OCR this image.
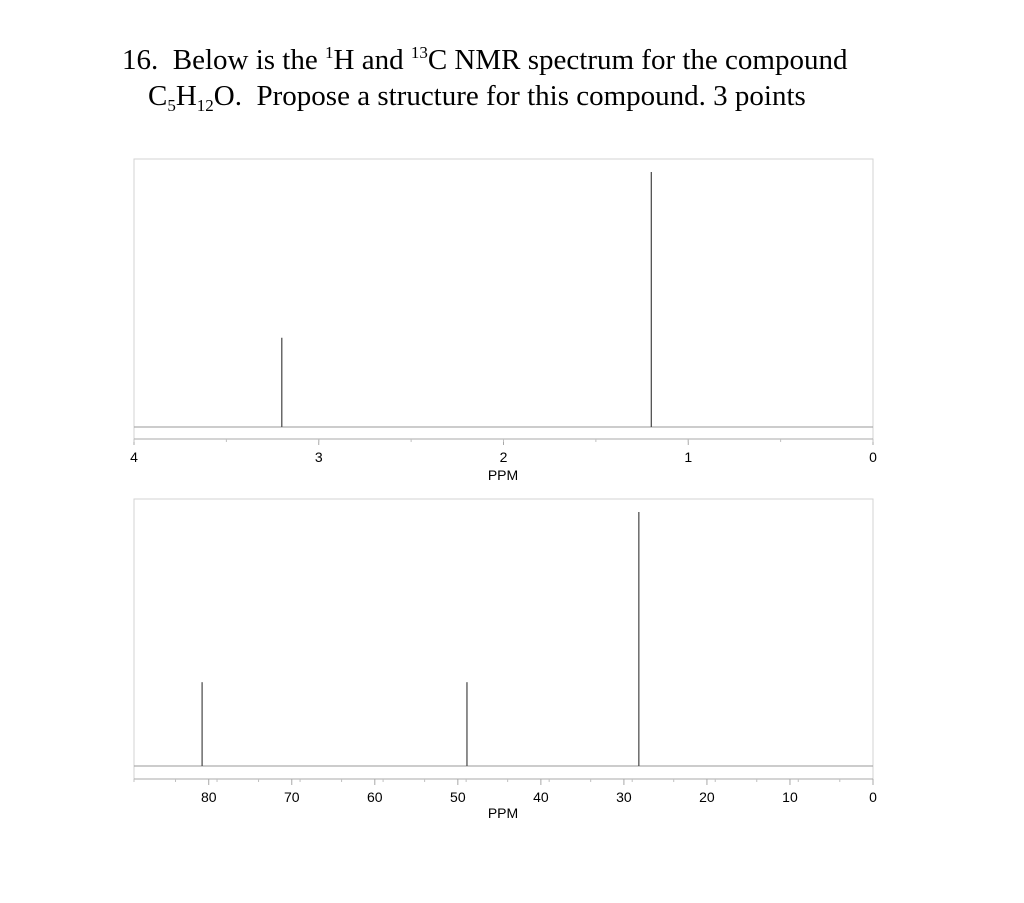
16. Below is the $^1$H and $^{13}$C NMR spectrum for the compound
$C_5H_{12}O$.  Propose a structure for this compound. 3 points
4	3	2	1	0
PPM
80	70	60	50	40	30	20	10	0
PPM
